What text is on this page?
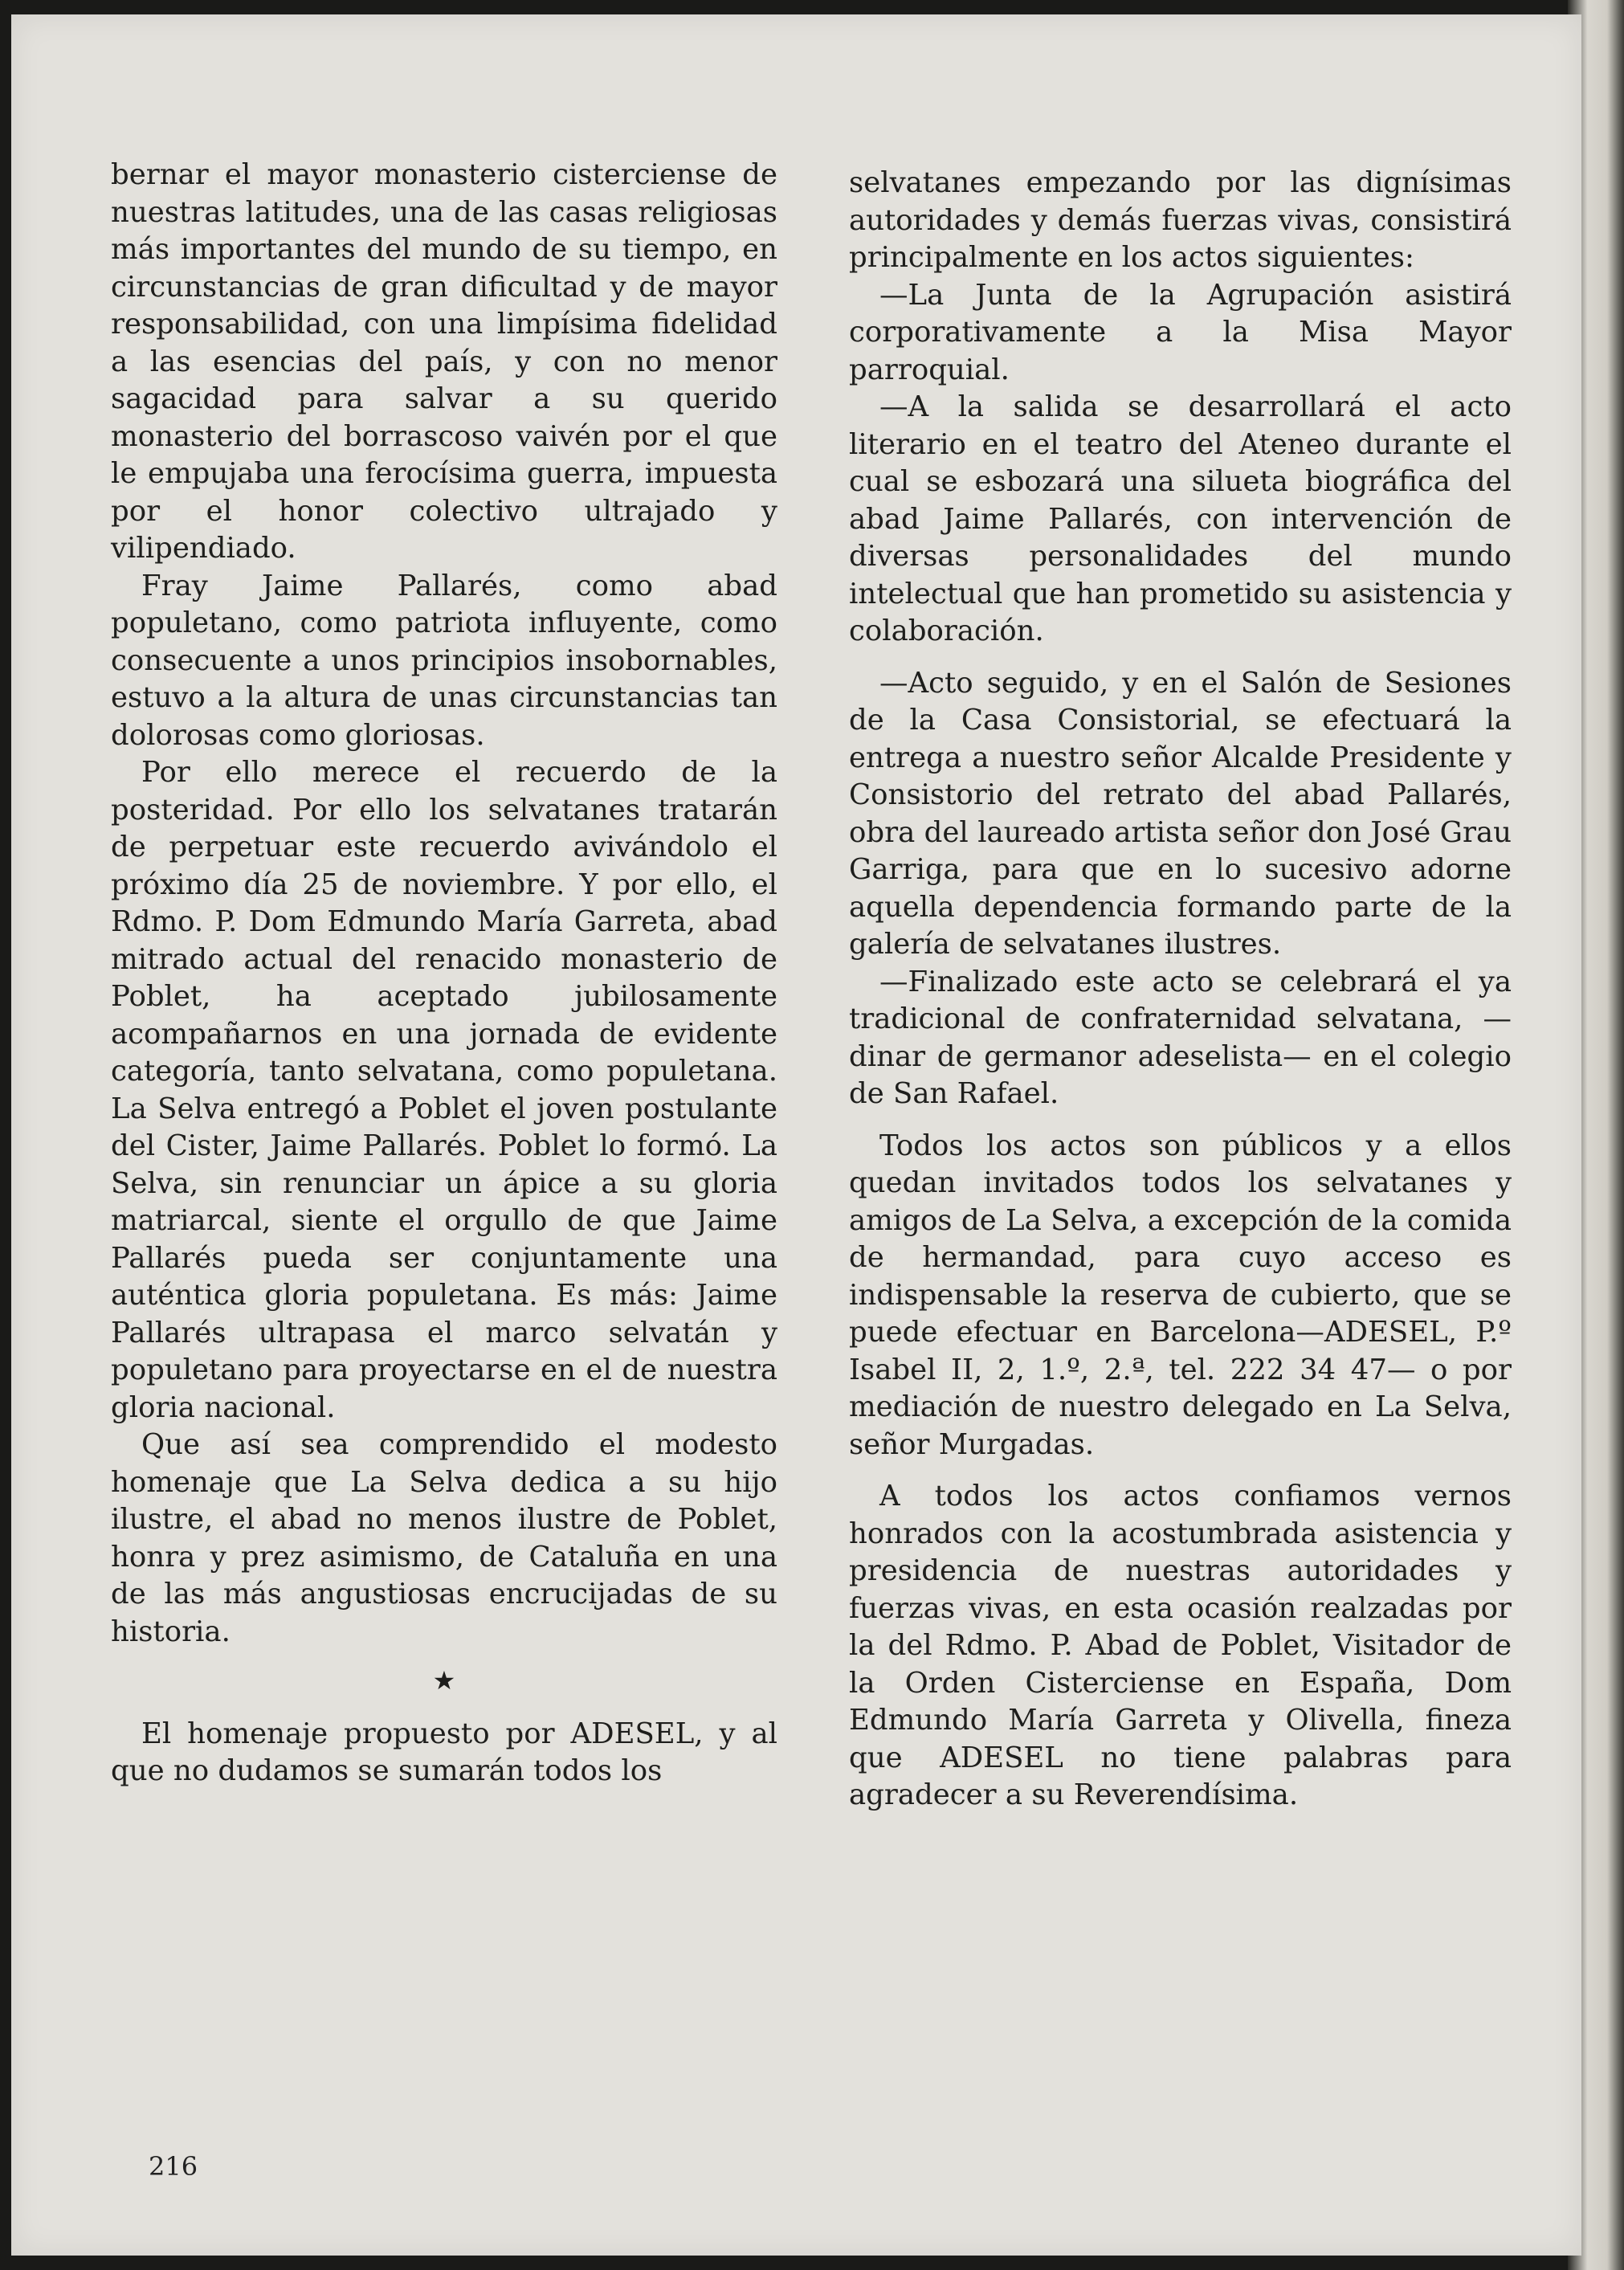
bernar el mayor monasterio cisterciense de nuestras latitudes, una de las casas religiosas más importantes del mundo de su tiempo, en circunstancias de gran dificultad y de mayor responsabilidad, con una limpísima fidelidad a las esencias del país, y con no menor sagacidad para salvar a su querido monasterio del borrascoso vaivén por el que le empujaba una ferocísima guerra, impuesta por el honor colectivo ultrajado y vilipendiado.

Fray Jaime Pallarés, como abad populetano, como patriota influyente, como consecuente a unos principios insobornables, estuvo a la altura de unas circunstancias tan dolorosas como gloriosas.

Por ello merece el recuerdo de la posteridad. Por ello los selvatanes tratarán de perpetuar este recuerdo avivándolo el próximo día 25 de noviembre. Y por ello, el Rdmo. P. Dom Edmundo María Garreta, abad mitrado actual del renacido monasterio de Poblet, ha aceptado jubilosamente acompañarnos en una jornada de evidente categoría, tanto selvatana, como populetana. La Selva entregó a Poblet el joven postulante del Cister, Jaime Pallarés. Poblet lo formó. La Selva, sin renunciar un ápice a su gloria matriarcal, siente el orgullo de que Jaime Pallarés pueda ser conjuntamente una auténtica gloria populetana. Es más: Jaime Pallarés ultrapasa el marco selvatán y populetano para proyectarse en el de nuestra gloria nacional.

Que así sea comprendido el modesto homenaje que La Selva dedica a su hijo ilustre, el abad no menos ilustre de Poblet, honra y prez asimismo, de Cataluña en una de las más angustiosas encrucijadas de su historia.

★

El homenaje propuesto por ADESEL, y al que no dudamos se sumarán todos los

selvatanes empezando por las dignísimas autoridades y demás fuerzas vivas, consistirá principalmente en los actos siguientes:

—La Junta de la Agrupación asistirá corporativamente a la Misa Mayor parroquial.

—A la salida se desarrollará el acto literario en el teatro del Ateneo durante el cual se esbozará una silueta biográfica del abad Jaime Pallarés, con intervención de diversas personalidades del mundo intelectual que han prometido su asistencia y colaboración.

—Acto seguido, y en el Salón de Sesiones de la Casa Consistorial, se efectuará la entrega a nuestro señor Alcalde Presidente y Consistorio del retrato del abad Pallarés, obra del laureado artista señor don José Grau Garriga, para que en lo sucesivo adorne aquella dependencia formando parte de la galería de selvatanes ilustres.

—Finalizado este acto se celebrará el ya tradicional de confraternidad selvatana, —dinar de germanor adeselista— en el colegio de San Rafael.

Todos los actos son públicos y a ellos quedan invitados todos los selvatanes y amigos de La Selva, a excepción de la comida de hermandad, para cuyo acceso es indispensable la reserva de cubierto, que se puede efectuar en Barcelona—ADESEL, P.º Isabel II, 2, 1.º, 2.ª, tel. 222 34 47— o por mediación de nuestro delegado en La Selva, señor Murgadas.

A todos los actos confiamos vernos honrados con la acostumbrada asistencia y presidencia de nuestras autoridades y fuerzas vivas, en esta ocasión realzadas por la del Rdmo. P. Abad de Poblet, Visitador de la Orden Cisterciense en España, Dom Edmundo María Garreta y Olivella, fineza que ADESEL no tiene palabras para agradecer a su Reverendísima.

216
